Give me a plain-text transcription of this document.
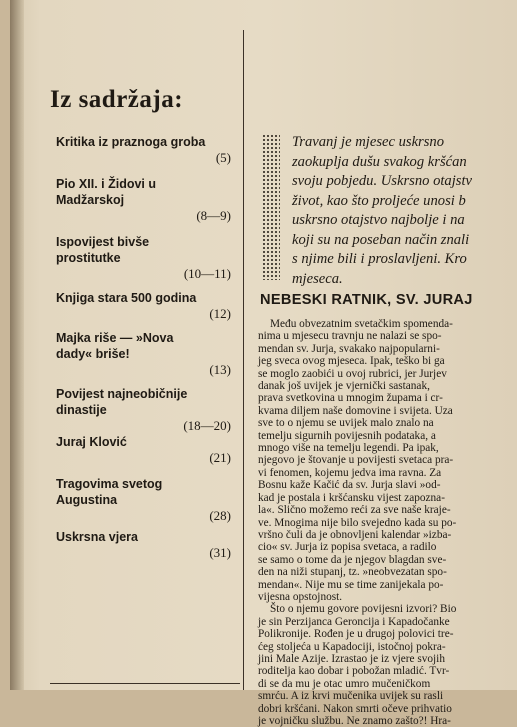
Iz sadržaja:
Kritika iz praznoga groba
(5)
Pio XII. i Židovi u
Madžarskoj
(8—9)
Ispovijest bivše
prostitutke
(10—11)
Knjiga stara 500 godina
(12)
Majka riše — »Nova
dady« briše!
(13)
Povijest najneobičnije
dinastije
(18—20)
Juraj Klović
(21)
Tragovima svetog
Augustina
(28)
Uskrsna vjera
(31)
Travanj je mjesec uskrsno
zaokuplja dušu svakog kršćan
svoju pobjedu. Uskrsno otajstv
život, kao što proljeće unosi b
uskrsno otajstvo najbolje i na
koji su na poseban način znali
s njime bili i proslavljeni. Kro
mjeseca.
NEBESKI RATNIK, SV. JURAJ
Među obvezatnim svetačkim spomenda-
nima u mjesecu travnju ne nalazi se spo-
mendan sv. Jurja, svakako najpopularni-
jeg sveca ovog mjeseca. Ipak, teško bi ga
se moglo zaobići u ovoj rubrici, jer Jurjev
danak još uvijek je vjernički sastanak,
prava svetkovina u mnogim župama i cr-
kvama diljem naše domovine i svijeta. Uza
sve to o njemu se uvijek malo znalo na
temelju sigurnih povijesnih podataka, a
mnogo više na temelju legendi. Pa ipak,
njegovo je štovanje u povijesti svetaca pra-
vi fenomen, kojemu jedva ima ravna. Za
Bosnu kaže Kačić da sv. Jurja slavi »od-
kad je postala i kršćansku vijest zapozna-
la«. Slično možemo reći za sve naše kraje-
ve. Mnogima nije bilo svejedno kada su po-
vršno čuli da je obnovljeni kalendar »izba-
cio« sv. Jurja iz popisa svetaca, a radilo
se samo o tome da je njegov blagdan sve-
den na niži stupanj, tz. »neobvezatan spo-
mendan«. Nije mu se time zanijekala po-
vijesna opstojnost.
Što o njemu govore povijesni izvori? Bio
je sin Perzijanca Geroncija i Kapadočanke
Polikronije. Rođen je u drugoj polovici tre-
ćeg stoljeća u Kapadociji, istočnoj pokra-
jini Male Azije. Izrastao je iz vjere svojih
roditelja kao dobar i pobožan mladić. Tvr-
di se da mu je otac umro mučeničkom
smrću. A iz krvi mučenika uvijek su rasli
dobri kršćani. Nakon smrti očeve prihvatio
je vojničku službu. Ne znamo zašto?! Hra-
